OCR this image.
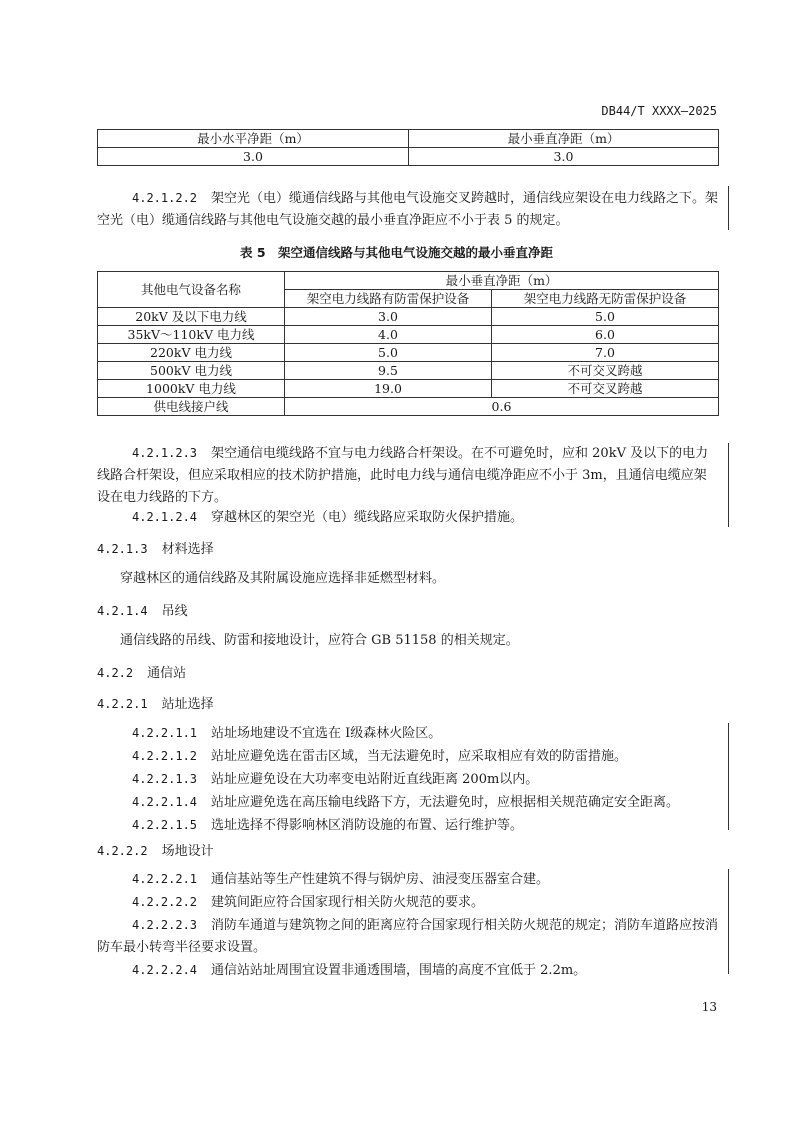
DB44/T XXXX—2025
最小水平净距（m）	最小垂直净距（m）
3.0	3.0
4.2.1.2.2 架空光（电）缆通信线路与其他电气设施交叉跨越时，通信线应架设在电力线路之下。架空光（电）缆通信线路与其他电气设施交越的最小垂直净距应不小于表 5 的规定。
表 5　架空通信线路与其他电气设施交越的最小垂直净距
其他电气设备名称	最小垂直净距（m）	
	架空电力线路有防雷保护设备	架空电力线路无防雷保护设备
20kV 及以下电力线	3.0	5.0
35kV～110kV 电力线	4.0	6.0
220kV 电力线	5.0	7.0
500kV 电力线	9.5	不可交叉跨越
1000kV 电力线	19.0	不可交叉跨越
供电线接户线	0.6	
4.2.1.2.3 架空通信电缆线路不宜与电力线路合杆架设。在不可避免时，应和 20kV 及以下的电力线路合杆架设，但应采取相应的技术防护措施，此时电力线与通信电缆净距应不小于 3m，且通信电缆应架设在电力线路的下方。
4.2.1.2.4 穿越林区的架空光（电）缆线路应采取防火保护措施。
4.2.1.3 材料选择
穿越林区的通信线路及其附属设施应选择非延燃型材料。
4.2.1.4 吊线
通信线路的吊线、防雷和接地设计，应符合 GB 51158 的相关规定。
4.2.2 通信站
4.2.2.1 站址选择
4.2.2.1.1 站址场地建设不宜选在 I级森林火险区。
4.2.2.1.2 站址应避免选在雷击区域，当无法避免时，应采取相应有效的防雷措施。
4.2.2.1.3 站址应避免设在大功率变电站附近直线距离 200m以内。
4.2.2.1.4 站址应避免选在高压输电线路下方，无法避免时，应根据相关规范确定安全距离。
4.2.2.1.5 选址选择不得影响林区消防设施的布置、运行维护等。
4.2.2.2 场地设计
4.2.2.2.1 通信基站等生产性建筑不得与锅炉房、油浸变压器室合建。
4.2.2.2.2 建筑间距应符合国家现行相关防火规范的要求。
4.2.2.2.3 消防车通道与建筑物之间的距离应符合国家现行相关防火规范的规定；消防车道路应按消防车最小转弯半径要求设置。
4.2.2.2.4 通信站站址周围宜设置非通透围墙，围墙的高度不宜低于 2.2m。
13
